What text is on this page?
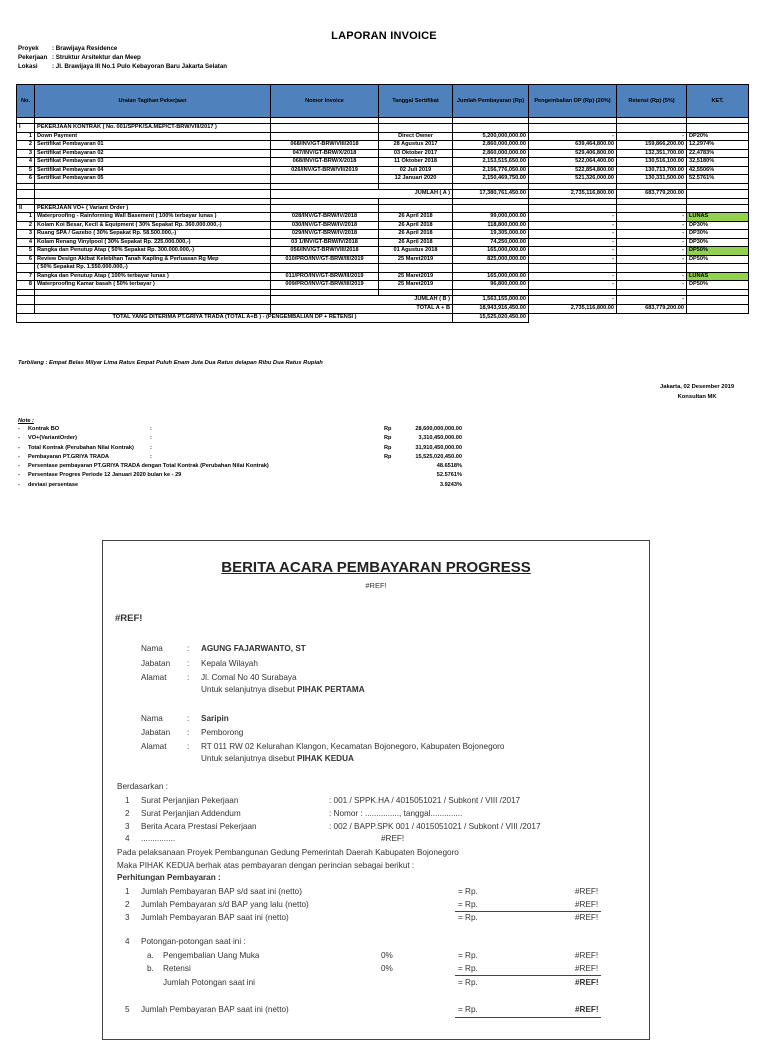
LAPORAN INVOICE
Proyek : Brawijaya Residence
Pekerjaan : Struktur Arsitektur dan Meep
Lokasi : Jl. Brawijaya III No.1 Pulo Kebayoran Baru Jakarta Selatan
No.	Uraian Tagihan Pekerjaan	Nomor Invoice	Tanggal Sertifikat	Jumlah Pembayaran (Rp)	Pengembalian DP (Rp) (20%)	Retensi (Rp) (5%)	KET.

I	PEKERJAAN KONTRAK ( No. 001/SPPK/SA.MEP/CT-BRW/VIII/2017 )						
1	Down Payment		Direct Owner	5,200,000,000.00	-	-	DP20%
2	Sertifikat Pembayaran 01	068/INV/GT-BRW/VIII/2018	28 Agustus 2017	2,860,000,000.00	639,464,800.00	159,866,200.00	12,2974%
3	Sertifikat Pembayaran 02	047/INV/GT-BRW/X/2018	03 Oktober 2017	2,860,000,000.00	529,406,800.00	132,351,700.00	22,4783%
4	Sertifikat Pembayaran 03	068/INV/GT-BRW/X/2018	11 Oktober 2018	2,153,515,650.00	522,064,400.00	130,516,100.00	32,5180%
5	Sertifikat Pembayaran 04	026/INV/GT-BRW/VII/2019	02 Juli 2019	2,156,776,050.00	522,854,800.00	130,713,700.00	42,5506%
6	Sertifikat Pembayaran 05		12 Januari 2020	2,150,469,750.00	521,326,000.00	130,331,500.00	52.5761%

		JUMLAH ( A )		17,380,761,450.00	2,735,116,800.00	683,779,200.00	

II	PEKERJAAN VO+ ( Variant Order )						
1	Waterproofing - Rainforming Wall Basement ( 100% terbayar lunas )	028/INV/GT-BRW/IV/2018	26 April 2018	99,000,000.00	-	-	LUNAS
2	Kolam Koi Besar, Kecil & Equipment ( 30% Sepakat Rp. 360.000.000,-)	030/INV/GT-BRW/IV/2018	26 April 2018	118,800,000.00	-	-	DP30%
3	Ruang SPA / Gazebo ( 30% Sepakat Rp. 58.500.000,-)	029/INV/GT-BRW/IV/2018	26 April 2018	19,305,000.00	-	-	DP30%
4	Kolam Renang Vinylpool ( 30% Sepakat Rp. 225.000.000,-)	03 1/INV/GT-BRW/IV/2018	26 April 2018	74,250,000.00	-	-	DP30%
5	Rangka dan Penutup Atap ( 50% Sepakat Rp. 300.000.000,-)	056/INV/GT-BRW/VIII/2018	01 Agustus 2018	165,000,000.00	-	-	DP50%
6	Review Design Akibat Kelebihan Tanah Kapling & Perluasan Rg Mep	010/PRO/INV/GT-BRW/III/2019	25 Maret2019	825,000,000.00	-	-	DP50%
	( 50% Sepakat Rp. 1.550.000.000,-)						
7	Rangka dan Penutup Atap ( 100% terbayar lunas )	011/PRO/INV/GT-BRW/III/2019	25 Maret2019	165,000,000.00	-	-	LUNAS
8	Waterproofing Kamar basah ( 50% terbayar )	009/PRO/INV/GT-BRW/III/2019	25 Maret2019	96,800,000.00	-	-	DP50%

		JUMLAH ( B )		1,563,155,000.00	-	-	
		TOTAL A + B		18,943,916,450.00	2,735,116,800.00	683,779,200.00	
TOTAL YANG DITERIMA PT.GRIYA TRADA (TOTAL A+B ) - (PENGEMBALIAN DP + RETENSI )				15,525,020,450.00			
Terbilang : Empat Belas Milyar Lima Ratus Empat Puluh Enam Juta Dua Ratus delapan Ribu Dua Ratus Rupiah
Jakarta, 02 Desember 2019
Konsultan MK
Note :
- Kontrak BO	:	Rp	28,600,000,000.00
- VO+(VariantOrder)	:	Rp	3,310,450,000.00
- Total Kontrak (Perubahan Nilai Kontrak)	:	Rp	31,910,450,000.00
- Pembayaran PT.GRIYA TRADA	:	Rp	15,525,020,450.00
- Persentase pembayaran PT.GRIYA TRADA dengan Total Kontrak (Perubahan Nilai Kontrak)	48.6518%
- Persentase Progres Periode 12 Januari 2020 bulan ke - 29	52.5761%
- deviasi persentase	3.9243%
BERITA ACARA PEMBAYARAN PROGRESS
#REF!
#REF!
Nama	: AGUNG FAJARWANTO, ST
Jabatan : Kepala Wilayah
Alamat	: Jl. Comal No 40 Surabaya
Untuk selanjutnya disebut PIHAK PERTAMA
Nama	: Saripin
Jabatan : Pemborong
Alamat	: RT 011 RW 02 Kelurahan Klangon, Kecamatan Bojonegoro, Kabupaten Bojonegoro
Untuk selanjutnya disebut PIHAK KEDUA
Berdasarkan :
1 Surat Perjanjian Pekerjaan	: 001 / SPPK.HA / 4015051021 / Subkont / VIII /2017
2 Surat Perjanjian Addendum	: Nomor : ..............., tanggal..............
3 Berita Acara Prestasi Pekerjaan	: 002 / BAPP.SPK 001 / 4015051021 / Subkont / VIII /2017
4 ...............	#REF!
Pada pelaksanaan Proyek Pembangunan Gedung Pemerintah Daerah Kabupaten Bojonegoro
Maka PIHAK KEDUA berhak atas pembayaran dengan perincian sebagai berikut :
Perhitungan Pembayaran :
1 Jumlah Pembayaran BAP s/d saat ini (netto)	= Rp.	#REF!
2 Jumlah Pembayaran s/d BAP yang lalu (netto)	= Rp.	#REF!
3 Jumlah Pembayaran BAP saat ini (netto)	= Rp.	#REF!
4 Potongan-potongan saat ini :
a. Pengembalian Uang Muka	0%	= Rp.	#REF!
b. Retensi	0%	= Rp.	#REF!
Jumlah Potongan saat ini	= Rp.	#REF!
5 Jumlah Pembayaran BAP saat ini (netto)	= Rp.	#REF!
